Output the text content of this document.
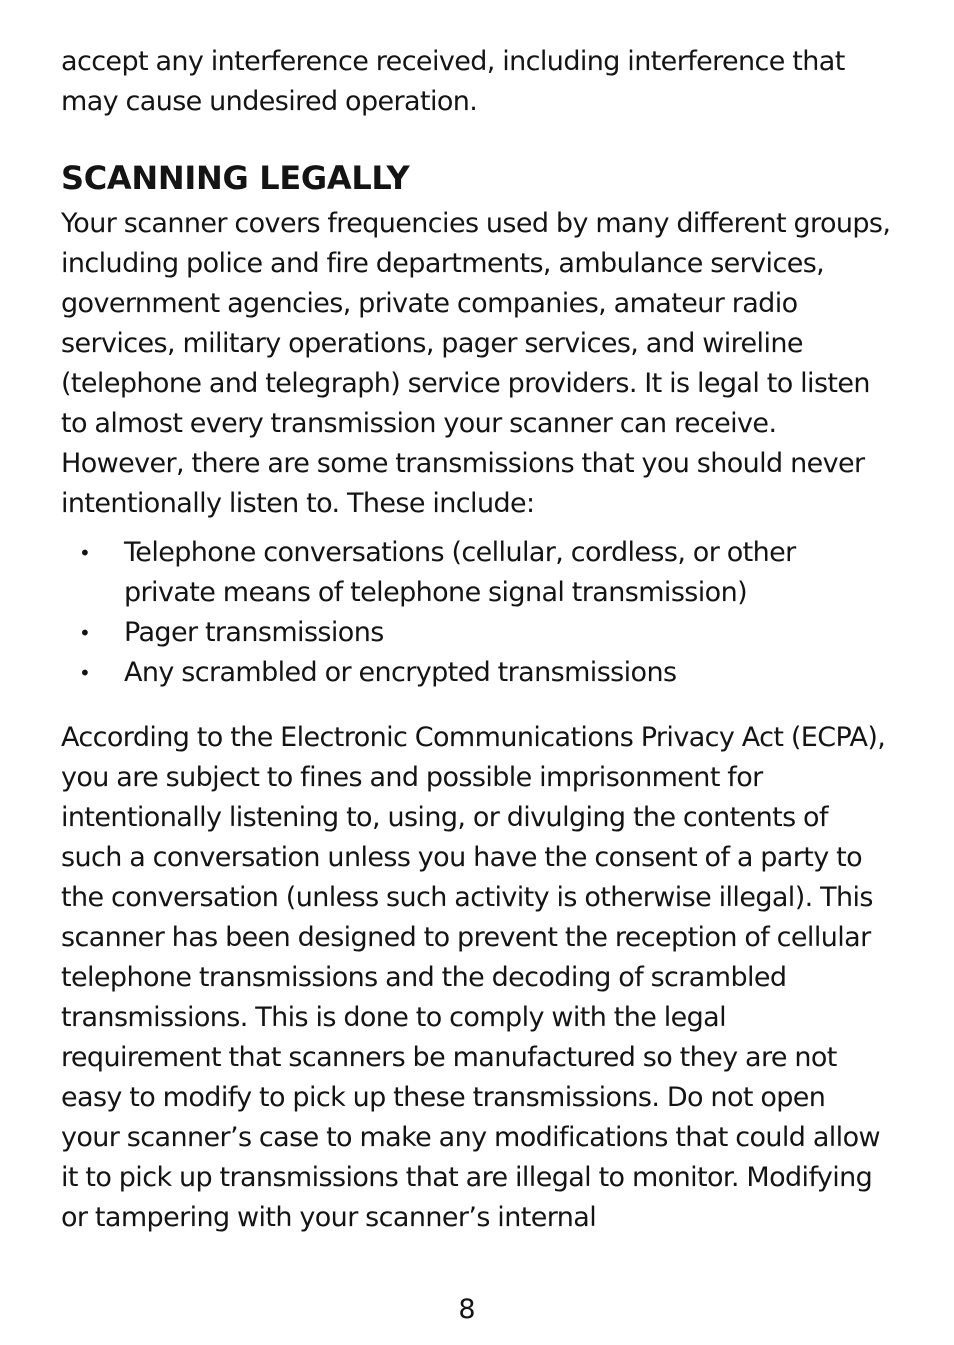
accept any interference received, including interference that may cause undesired operation.

SCANNING LEGALLY

Your scanner covers frequencies used by many different groups, including police and fire departments, ambulance services, government agencies, private companies, amateur radio services, military operations, pager services, and wireline (telephone and telegraph) service providers. It is legal to listen to almost every transmission your scanner can receive. However, there are some transmissions that you should never intentionally listen to. These include:

• Telephone conversations (cellular, cordless, or other private means of telephone signal transmission)
• Pager transmissions
• Any scrambled or encrypted transmissions

According to the Electronic Communications Privacy Act (ECPA), you are subject to fines and possible imprisonment for intentionally listening to, using, or divulging the contents of such a conversation unless you have the consent of a party to the conversation (unless such activity is otherwise illegal). This scanner has been designed to prevent the reception of cellular telephone transmissions and the decoding of scrambled transmissions. This is done to comply with the legal requirement that scanners be manufactured so they are not easy to modify to pick up these transmissions. Do not open your scanner’s case to make any modifications that could allow it to pick up transmissions that are illegal to monitor. Modifying or tampering with your scanner’s internal

8
